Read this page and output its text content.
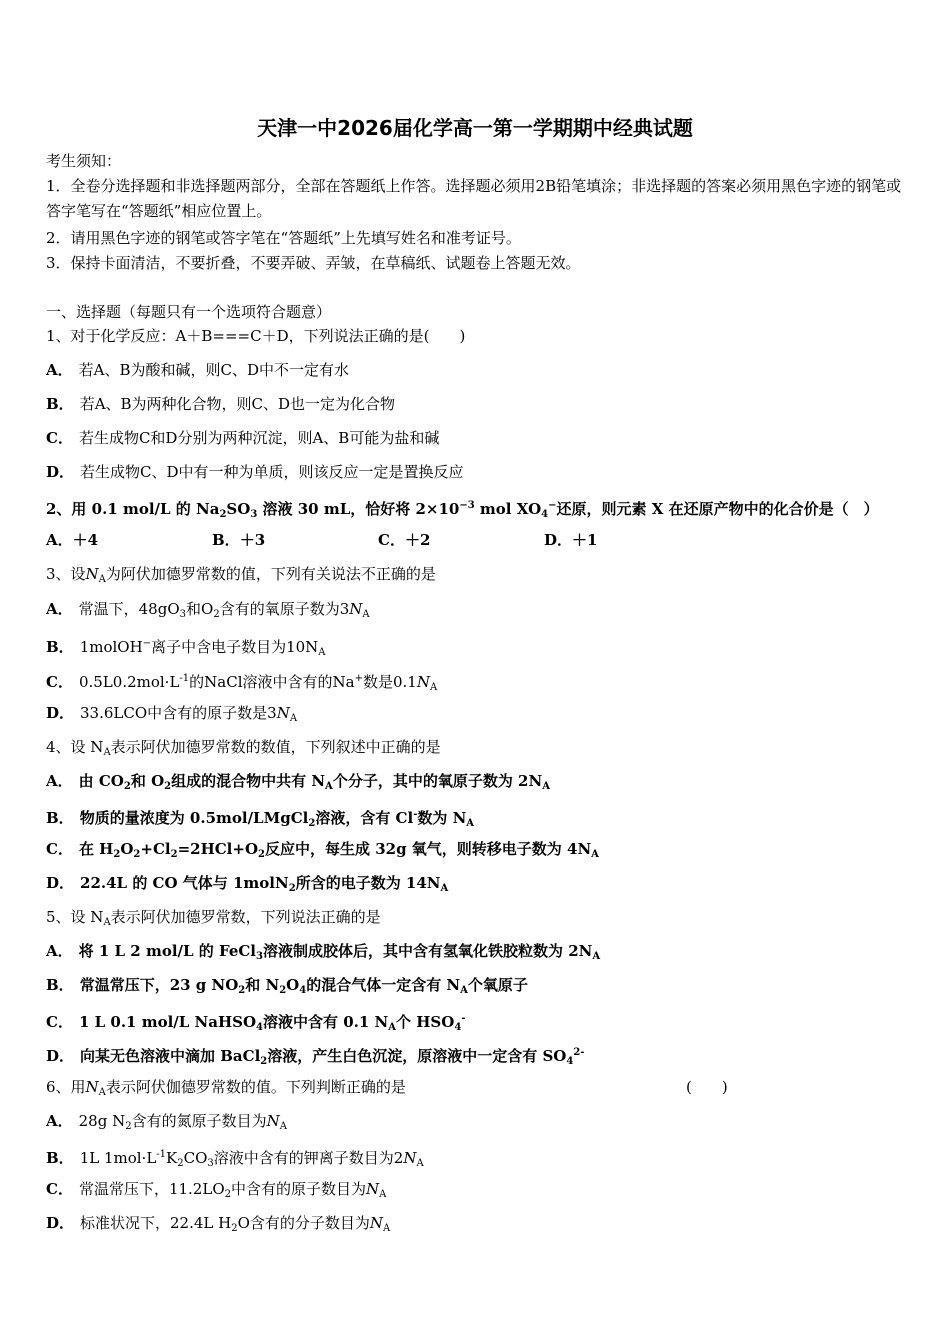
天津一中2026届化学高一第一学期期中经典试题
考生须知：
1．全卷分选择题和非选择题两部分，全部在答题纸上作答。选择题必须用2B铅笔填涂；非选择题的答案必须用黑色字迹的钢笔或答字笔写在“答题纸”相应位置上。
2．请用黑色字迹的钢笔或答字笔在“答题纸”上先填写姓名和准考证号。
3．保持卡面清洁，不要折叠，不要弄破、弄皱，在草稿纸、试题卷上答题无效。
一、选择题（每题只有一个选项符合题意）
1、对于化学反应：A＋B===C＋D，下列说法正确的是(　　)
A． 若A、B为酸和碱，则C、D中不一定有水
B． 若A、B为两种化合物，则C、D也一定为化合物
C． 若生成物C和D分别为两种沉淀，则A、B可能为盐和碱
D． 若生成物C、D中有一种为单质，则该反应一定是置换反应
2、用 0.1 mol/L 的 $Na_2SO_3$ 溶液 30 mL，恰好将 $2\times 10^{-3}$ mol $XO_4^-$还原，则元素 X 在还原产物中的化合价是（　）
A．＋4	B．＋3	C．＋2	D．＋1
3、设$N_A$为阿伏加德罗常数的值，下列有关说法不正确的是
A． 常温下，$48gO_3$和$O_2$含有的氧原子数为$3N_A$
B． 1molOH−离子中含电子数目为$10N_A$
C． $0.5L0.2mol\cdot L^{-1}$的NaCl溶液中含有的Na+数是$0.1N_A$
D． 33.6LCO中含有的原子数是$3N_A$
4、设 $N_A$表示阿伏加德罗常数的数值，下列叙述中正确的是
A． 由 $CO_2$和 $O_2$组成的混合物中共有 $N_A$个分子，其中的氧原子数为 $2N_A$
B． 物质的量浓度为 0.5mol/LMgCl$_2$溶液，含有 Cl-数为 $N_A$
C． 在 $H_2O_2+Cl_2=2HCl+O_2$反应中，每生成 32g 氧气，则转移电子数为 $4N_A$
D． 22.4L 的 CO 气体与 1molN$_2$所含的电子数为 $14N_A$
5、设 $N_A$表示阿伏加德罗常数，下列说法正确的是
A． 将 1 L 2 mol/L 的 FeCl$_3$溶液制成胶体后，其中含有氢氧化铁胶粒数为 $2N_A$
B． 常温常压下，23 g $NO_2$和 $N_2O_4$的混合气体一定含有 $N_A$个氧原子
C． 1 L 0.1 mol/L NaHSO$_4$溶液中含有 0.1 $N_A$个 $HSO_4^-$
D． 向某无色溶液中滴加 BaCl$_2$溶液，产生白色沉淀，原溶液中一定含有 $SO_4^{2-}$
6、用$N_A$表示阿伏伽德罗常数的值。下列判断正确的是	(　　)
A． 28g $N_2$含有的氮原子数目为$N_A$
B． 1L $1mol\cdot L^{-1}K_2CO_3$溶液中含有的钾离子数目为$2N_A$
C． 常温常压下，$11.2LO_2$中含有的原子数目为$N_A$
D． 标准状况下，22.4L $H_2O$含有的分子数目为$N_A$
